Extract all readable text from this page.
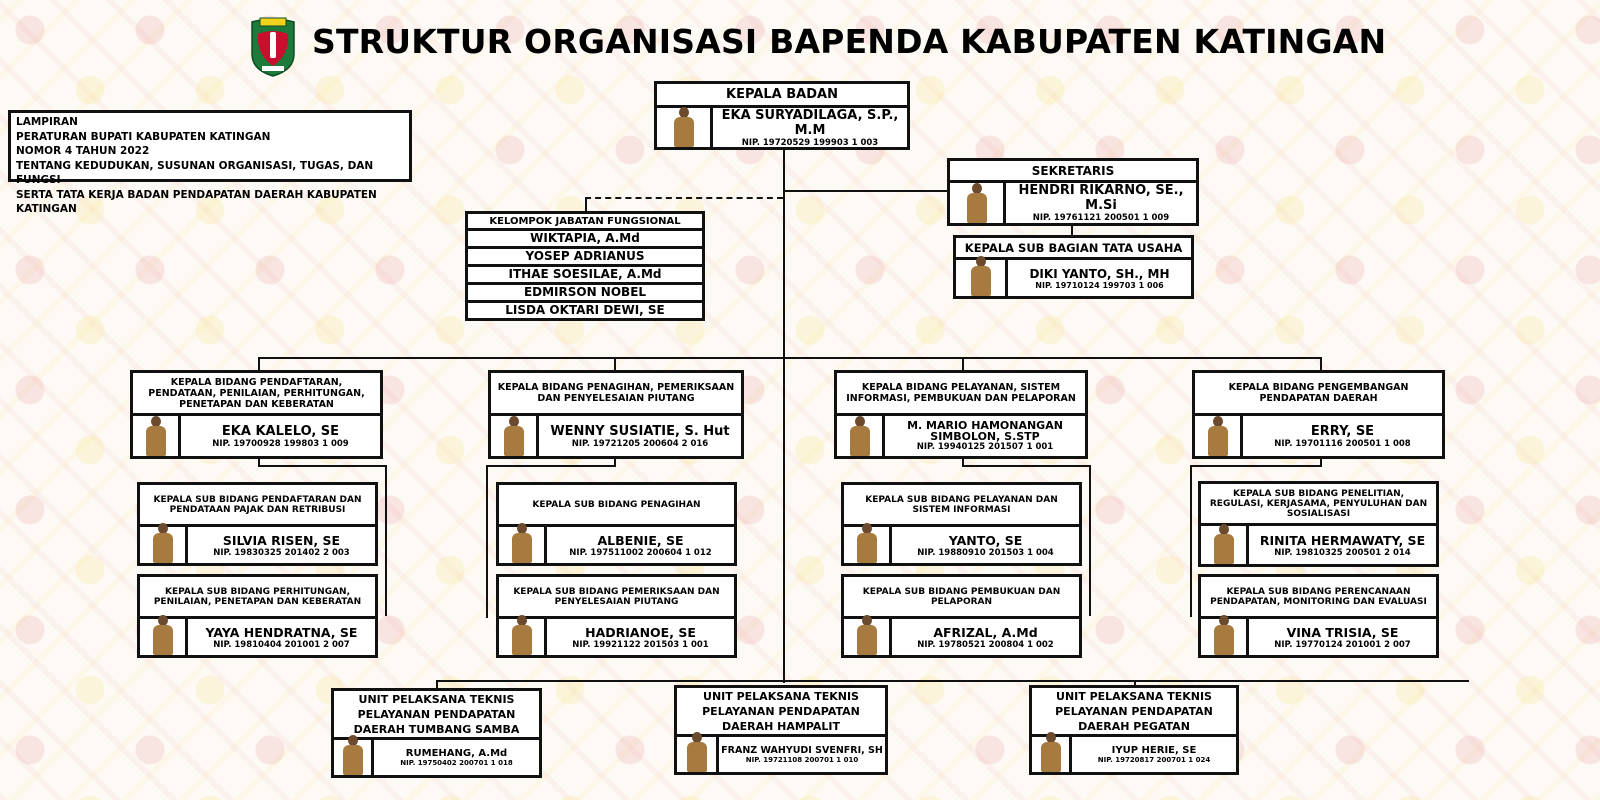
STRUKTUR ORGANISASI BAPENDA KABUPATEN KATINGAN
LAMPIRAN
PERATURAN BUPATI KABUPATEN KATINGAN
NOMOR 4 TAHUN 2022
TENTANG KEDUDUKAN, SUSUNAN ORGANISASI, TUGAS, DAN FUNGSI
SERTA TATA KERJA BADAN PENDAPATAN DAERAH KABUPATEN KATINGAN
KEPALA BADAN
EKA SURYADILAGA, S.P., M.M
NIP. 19720529 199903 1 003
SEKRETARIS
HENDRI RIKARNO, SE., M.Si
NIP. 19761121 200501 1 009
KEPALA SUB BAGIAN TATA USAHA
DIKI YANTO, SH., MH
NIP. 19710124 199703 1 006
KELOMPOK JABATAN FUNGSIONAL
WIKTAPIA, A.Md
YOSEP ADRIANUS
ITHAE SOESILAE, A.Md
EDMIRSON NOBEL
LISDA OKTARI DEWI, SE
KEPALA BIDANG PENDAFTARAN, PENDATAAN, PENILAIAN, PERHITUNGAN, PENETAPAN DAN KEBERATAN
EKA KALELO, SE
NIP. 19700928 199803 1 009
KEPALA SUB BIDANG PENDAFTARAN DAN PENDATAAN PAJAK DAN RETRIBUSI
SILVIA RISEN, SE
NIP. 19830325 201402 2 003
KEPALA SUB BIDANG PERHITUNGAN, PENILAIAN, PENETAPAN DAN KEBERATAN
YAYA HENDRATNA, SE
NIP. 19810404 201001 2 007
KEPALA BIDANG PENAGIHAN, PEMERIKSAAN DAN PENYELESAIAN PIUTANG
WENNY SUSIATIE, S. Hut
NIP. 19721205 200604 2 016
KEPALA SUB BIDANG PENAGIHAN
ALBENIE, SE
NIP. 197511002 200604 1 012
KEPALA SUB BIDANG PEMERIKSAAN DAN PENYELESAIAN PIUTANG
HADRIANOE, SE
NIP. 19921122 201503 1 001
KEPALA BIDANG PELAYANAN, SISTEM INFORMASI, PEMBUKUAN DAN PELAPORAN
M. MARIO HAMONANGAN SIMBOLON, S.STP
NIP. 19940125 201507 1 001
KEPALA SUB BIDANG PELAYANAN DAN SISTEM INFORMASI
YANTO, SE
NIP. 19880910 201503 1 004
KEPALA SUB BIDANG PEMBUKUAN DAN PELAPORAN
AFRIZAL, A.Md
NIP. 19780521 200804 1 002
KEPALA BIDANG PENGEMBANGAN PENDAPATAN DAERAH
ERRY, SE
NIP. 19701116 200501 1 008
KEPALA SUB BIDANG PENELITIAN, REGULASI, KERJASAMA, PENYULUHAN DAN SOSIALISASI
RINITA HERMAWATY, SE
NIP. 19810325 200501 2 014
KEPALA SUB BIDANG PERENCANAAN PENDAPATAN, MONITORING DAN EVALUASI
VINA TRISIA, SE
NIP. 19770124 201001 2 007
UNIT PELAKSANA TEKNIS PELAYANAN PENDAPATAN DAERAH TUMBANG SAMBA
RUMEHANG, A.Md
NIP. 19750402 200701 1 018
UNIT PELAKSANA TEKNIS PELAYANAN PENDAPATAN DAERAH HAMPALIT
FRANZ WAHYUDI SVENFRI, SH
NIP. 19721108 200701 1 010
UNIT PELAKSANA TEKNIS PELAYANAN PENDAPATAN DAERAH PEGATAN
IYUP HERIE, SE
NIP. 19720817 200701 1 024
